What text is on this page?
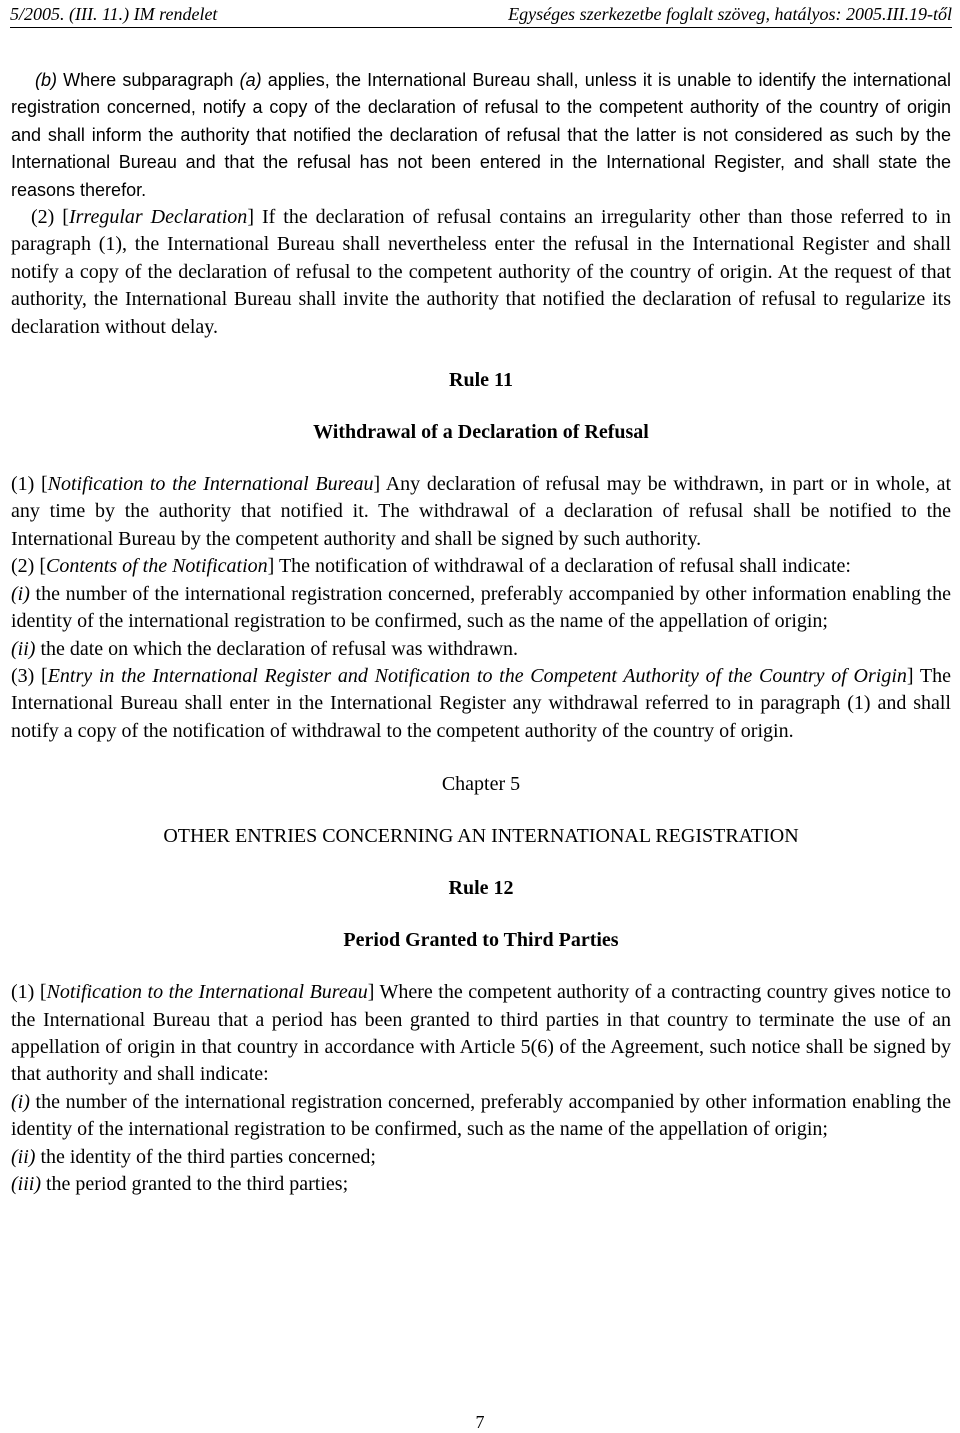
5/2005. (III. 11.) IM rendelet	Egységes szerkezetbe foglalt szöveg, hatályos: 2005.III.19-től

(b) Where subparagraph (a) applies, the International Bureau shall, unless it is unable to identify the international registration concerned, notify a copy of the declaration of refusal to the competent authority of the country of origin and shall inform the authority that notified the declaration of refusal that the latter is not considered as such by the International Bureau and that the refusal has not been entered in the International Register, and shall state the reasons therefor.

(2) [Irregular Declaration] If the declaration of refusal contains an irregularity other than those referred to in paragraph (1), the International Bureau shall nevertheless enter the refusal in the International Register and shall notify a copy of the declaration of refusal to the competent authority of the country of origin. At the request of that authority, the International Bureau shall invite the authority that notified the declaration of refusal to regularize its declaration without delay.

Rule 11

Withdrawal of a Declaration of Refusal

(1) [Notification to the International Bureau] Any declaration of refusal may be withdrawn, in part or in whole, at any time by the authority that notified it. The withdrawal of a declaration of refusal shall be notified to the International Bureau by the competent authority and shall be signed by such authority.

(2) [Contents of the Notification] The notification of withdrawal of a declaration of refusal shall indicate:

(i) the number of the international registration concerned, preferably accompanied by other information enabling the identity of the international registration to be confirmed, such as the name of the appellation of origin;

(ii) the date on which the declaration of refusal was withdrawn.

(3) [Entry in the International Register and Notification to the Competent Authority of the Country of Origin] The International Bureau shall enter in the International Register any withdrawal referred to in paragraph (1) and shall notify a copy of the notification of withdrawal to the competent authority of the country of origin.

Chapter 5

OTHER ENTRIES CONCERNING AN INTERNATIONAL REGISTRATION

Rule 12

Period Granted to Third Parties

(1) [Notification to the International Bureau] Where the competent authority of a contracting country gives notice to the International Bureau that a period has been granted to third parties in that country to terminate the use of an appellation of origin in that country in accordance with Article 5(6) of the Agreement, such notice shall be signed by that authority and shall indicate:

(i) the number of the international registration concerned, preferably accompanied by other information enabling the identity of the international registration to be confirmed, such as the name of the appellation of origin;

(ii) the identity of the third parties concerned;

(iii) the period granted to the third parties;

7
